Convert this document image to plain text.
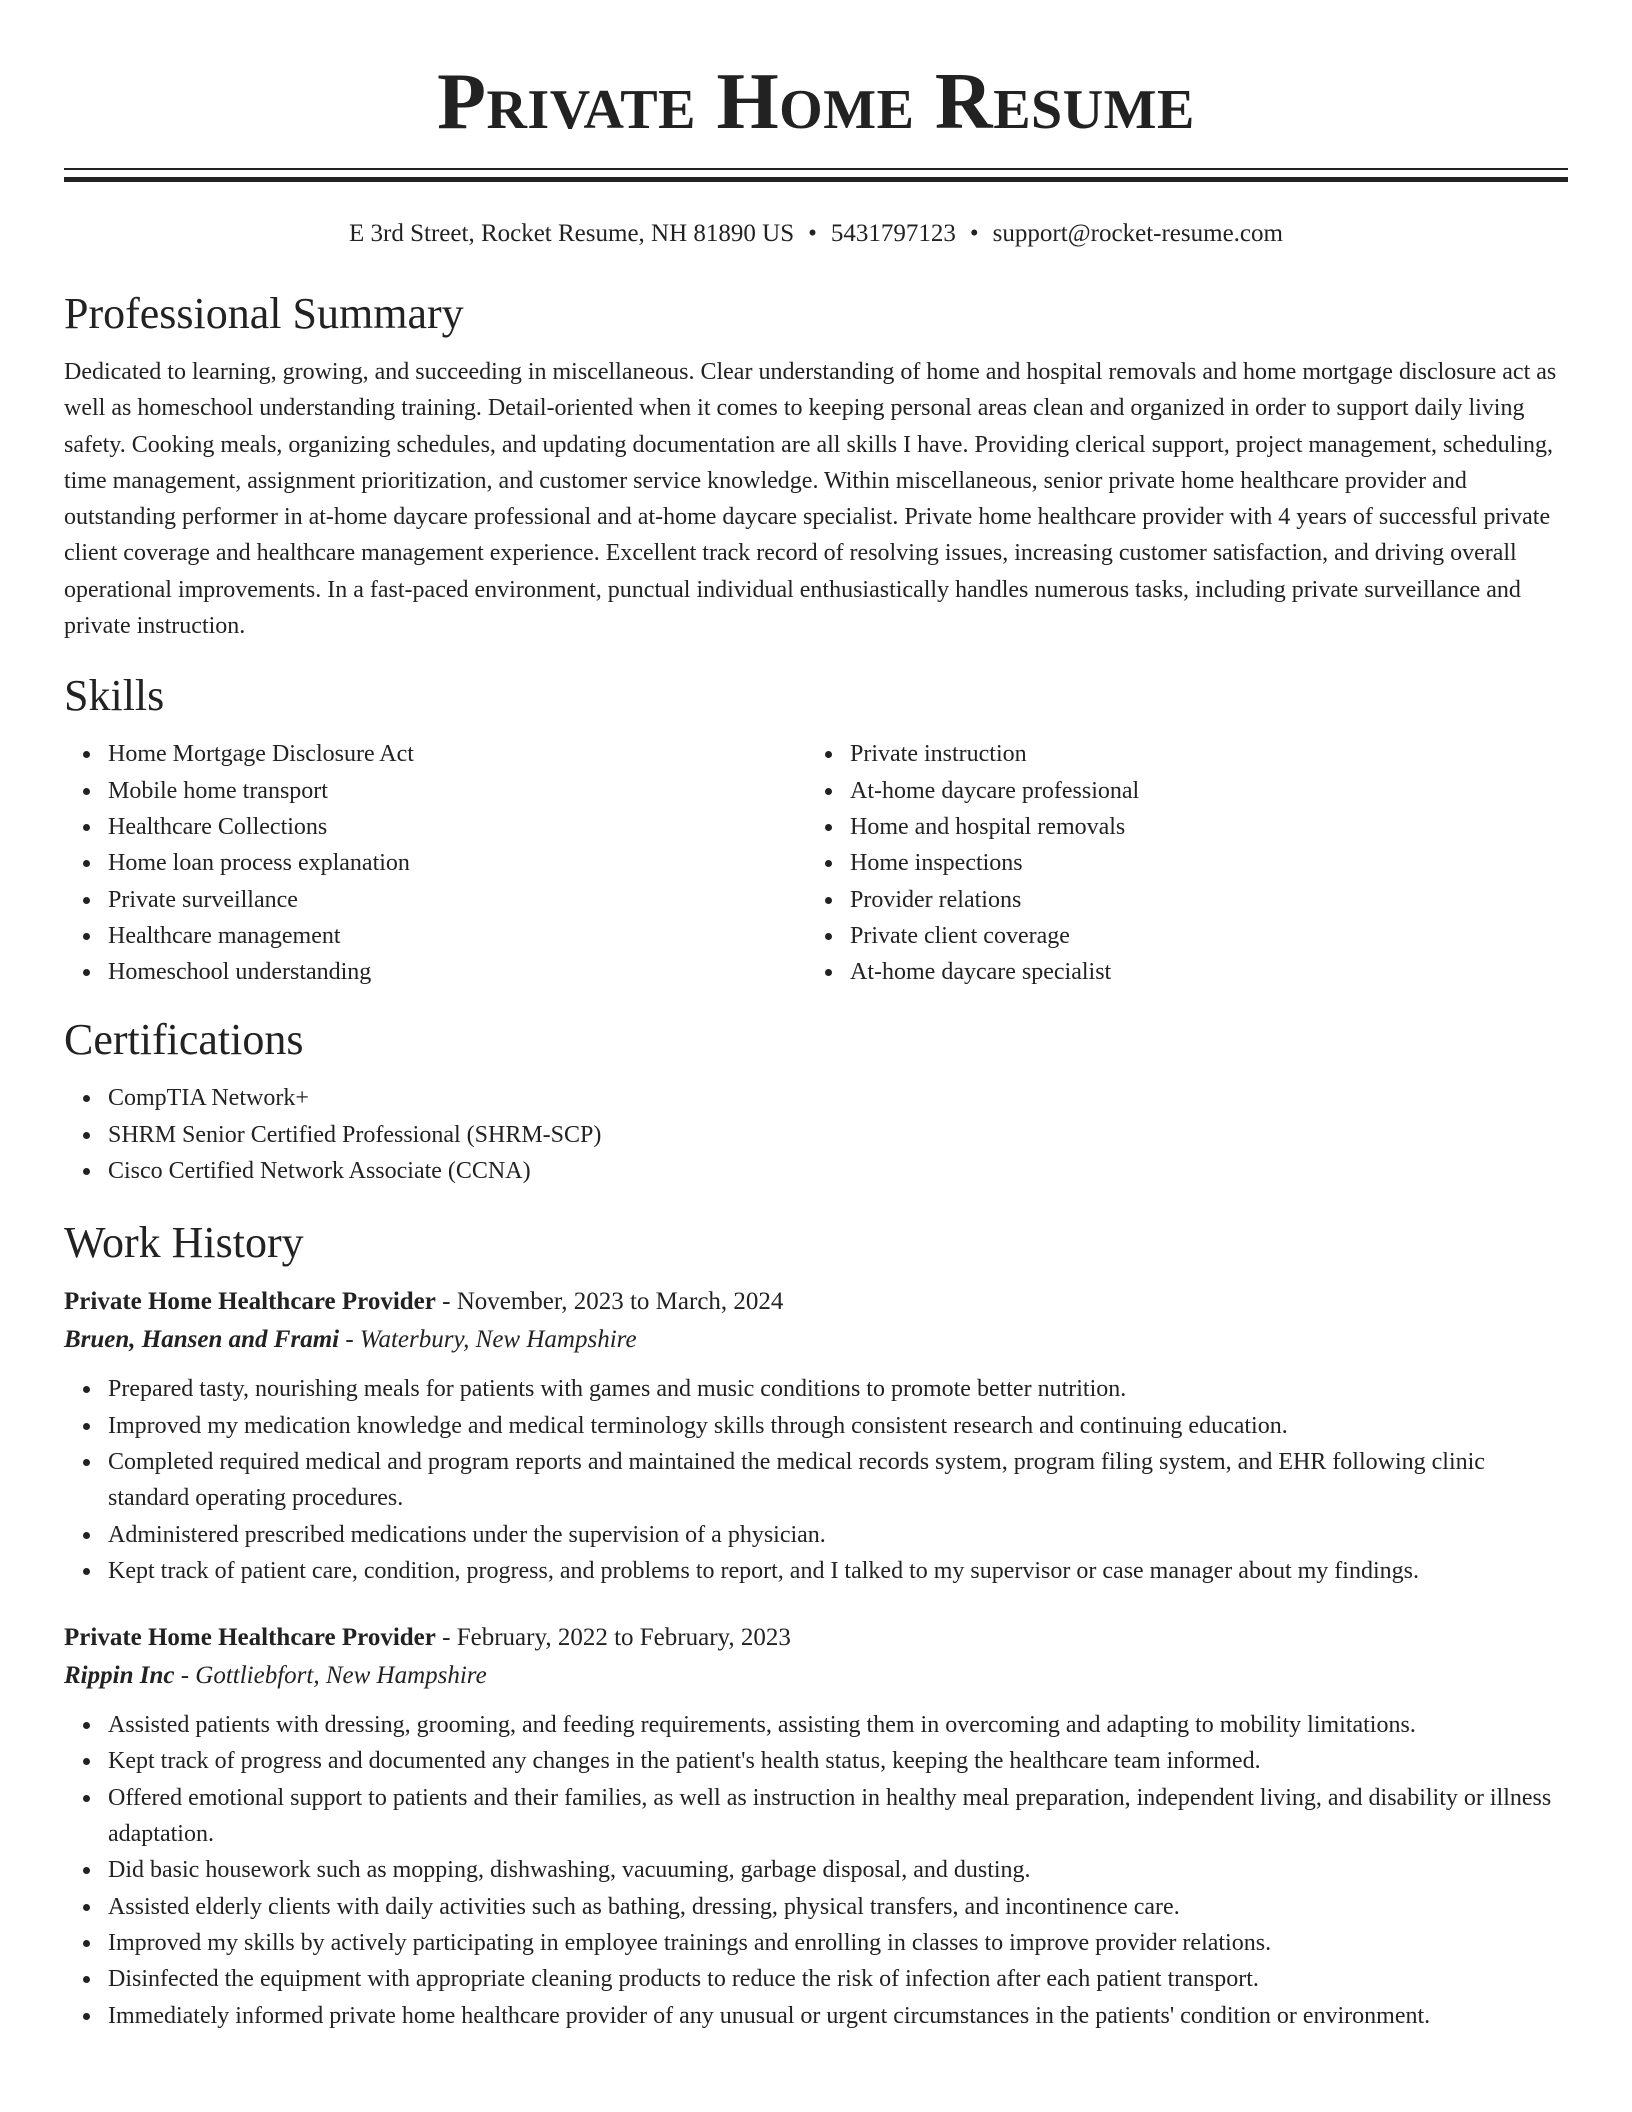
Private Home Resume
E 3rd Street, Rocket Resume, NH 81890 US • 5431797123 • support@rocket-resume.com
Professional Summary

Dedicated to learning, growing, and succeeding in miscellaneous. Clear understanding of home and hospital removals and home mortgage disclosure act as well as homeschool understanding training. Detail-oriented when it comes to keeping personal areas clean and organized in order to support daily living safety. Cooking meals, organizing schedules, and updating documentation are all skills I have. Providing clerical support, project management, scheduling, time management, assignment prioritization, and customer service knowledge. Within miscellaneous, senior private home healthcare provider and outstanding performer in at-home daycare professional and at-home daycare specialist. Private home healthcare provider with 4 years of successful private client coverage and healthcare management experience. Excellent track record of resolving issues, increasing customer satisfaction, and driving overall operational improvements. In a fast-paced environment, punctual individual enthusiastically handles numerous tasks, including private surveillance and private instruction.

Skills
Home Mortgage Disclosure Act
Mobile home transport
Healthcare Collections
Home loan process explanation
Private surveillance
Healthcare management
Homeschool understanding
Private instruction
At-home daycare professional
Home and hospital removals
Home inspections
Provider relations
Private client coverage
At-home daycare specialist
Certifications
CompTIA Network+
SHRM Senior Certified Professional (SHRM-SCP)
Cisco Certified Network Associate (CCNA)
Work History
Private Home Healthcare Provider - November, 2023 to March, 2024
Bruen, Hansen and Frami - Waterbury, New Hampshire
Prepared tasty, nourishing meals for patients with games and music conditions to promote better nutrition.
Improved my medication knowledge and medical terminology skills through consistent research and continuing education.
Completed required medical and program reports and maintained the medical records system, program filing system, and EHR following clinic standard operating procedures.
Administered prescribed medications under the supervision of a physician.
Kept track of patient care, condition, progress, and problems to report, and I talked to my supervisor or case manager about my findings.
Private Home Healthcare Provider - February, 2022 to February, 2023
Rippin Inc - Gottliebfort, New Hampshire
Assisted patients with dressing, grooming, and feeding requirements, assisting them in overcoming and adapting to mobility limitations.
Kept track of progress and documented any changes in the patient's health status, keeping the healthcare team informed.
Offered emotional support to patients and their families, as well as instruction in healthy meal preparation, independent living, and disability or illness adaptation.
Did basic housework such as mopping, dishwashing, vacuuming, garbage disposal, and dusting.
Assisted elderly clients with daily activities such as bathing, dressing, physical transfers, and incontinence care.
Improved my skills by actively participating in employee trainings and enrolling in classes to improve provider relations.
Disinfected the equipment with appropriate cleaning products to reduce the risk of infection after each patient transport.
Immediately informed private home healthcare provider of any unusual or urgent circumstances in the patients' condition or environment.
